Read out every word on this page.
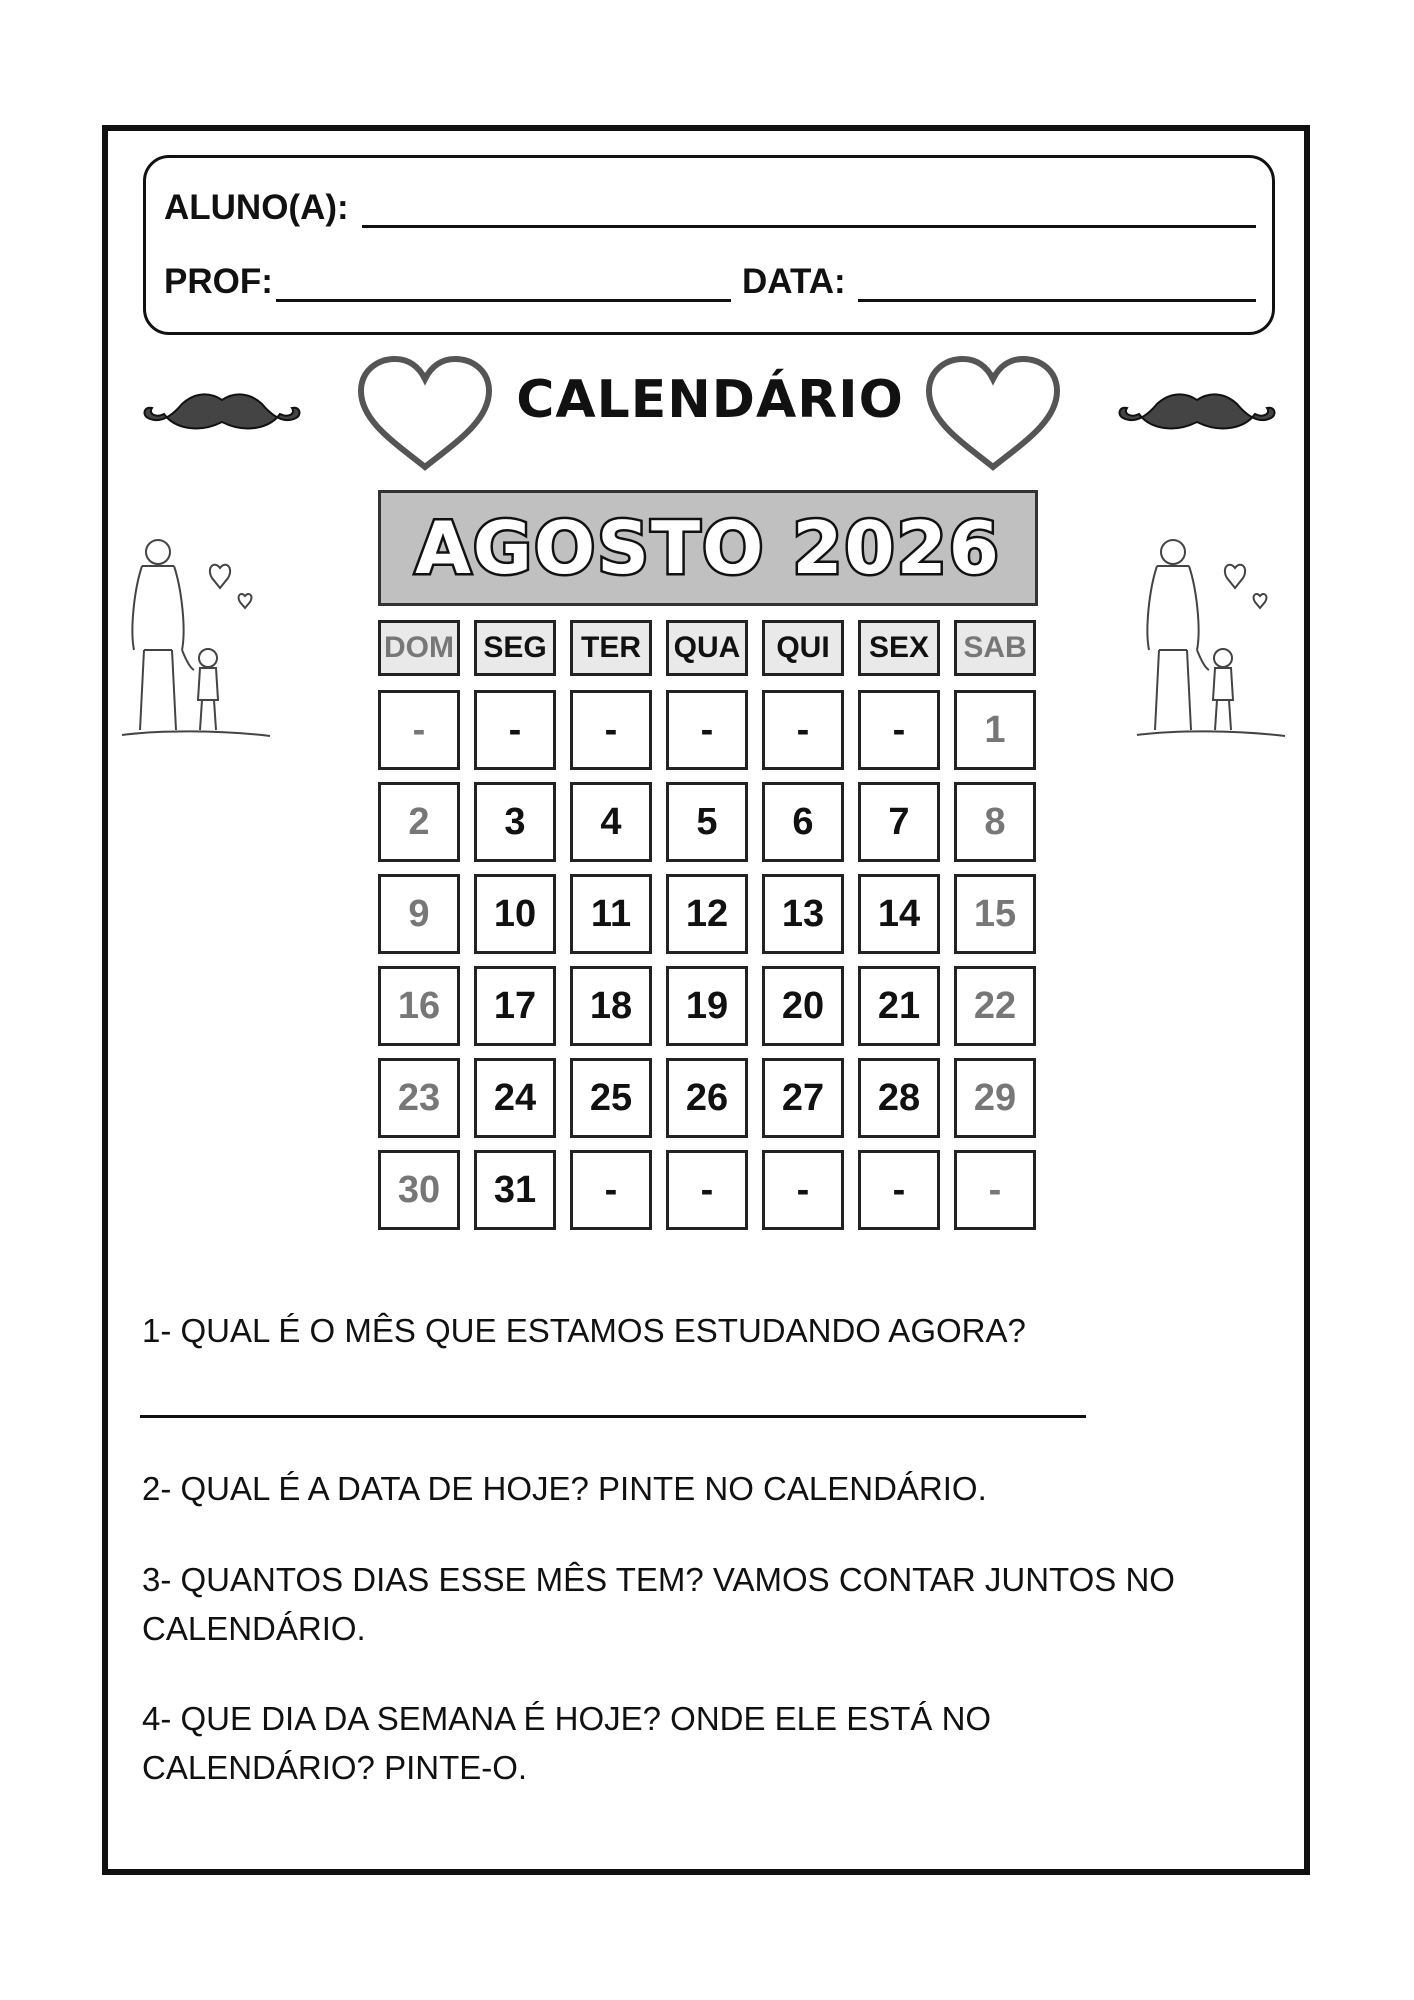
ALUNO(A):
PROF:	DATA:
CALENDÁRIO
AGOSTO 2026
DOM SEG	TER	QUA	QUI	SEX	SAB
-	-	-	-	-	-	1
2	3	4	5	6	7	8
9	10	11	12	13	14	15
16	17	18	19	20	21	22
23	24	25	26	27	28	29
30	31	-	-	-	-	-
1- QUAL É O MÊS QUE ESTAMOS ESTUDANDO AGORA?
2- QUAL É A DATA DE HOJE? PINTE NO CALENDÁRIO.
3- QUANTOS DIAS ESSE MÊS TEM? VAMOS CONTAR JUNTOS NO CALENDÁRIO.
4- QUE DIA DA SEMANA É HOJE? ONDE ELE ESTÁ NO CALENDÁRIO? PINTE-O.
